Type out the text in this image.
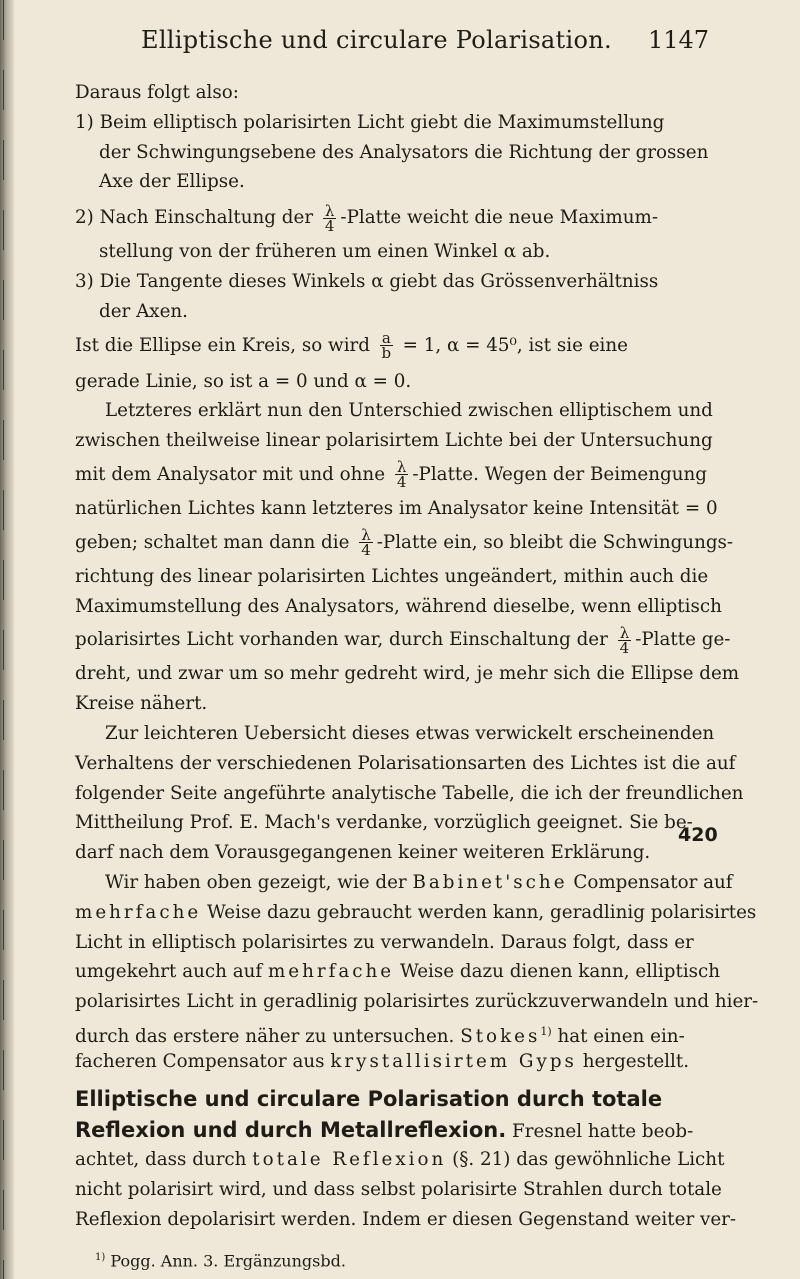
Elliptische und circulare Polarisation. 1147
Daraus folgt also:
1) Beim elliptisch polarisirten Licht giebt die Maximumstellung
der Schwingungsebene des Analysators die Richtung der grossen
Axe der Ellipse.
2) Nach Einschaltung der $\frac{\lambda}{4}$ -Platte weicht die neue Maximum-
stellung von der früheren um einen Winkel α ab.
3) Die Tangente dieses Winkels α giebt das Grössenverhältniss
der Axen.
Ist die Ellipse ein Kreis, so wird $\frac{a}{b} = 1$, α = 45⁰, ist sie eine
gerade Linie, so ist a = 0 und α = 0.
Letzteres erklärt nun den Unterschied zwischen elliptischem und
zwischen theilweise linear polarisirtem Lichte bei der Untersuchung
mit dem Analysator mit und ohne $\frac{\lambda}{4}$ -Platte. Wegen der Beimengung
natürlichen Lichtes kann letzteres im Analysator keine Intensität = 0
geben; schaltet man dann die $\frac{\lambda}{4}$ -Platte ein, so bleibt die Schwingungs-
richtung des linear polarisirten Lichtes ungeändert, mithin auch die
Maximumstellung des Analysators, während dieselbe, wenn elliptisch
polarisirtes Licht vorhanden war, durch Einschaltung der $\frac{\lambda}{4}$ -Platte ge-
dreht, und zwar um so mehr gedreht wird, je mehr sich die Ellipse dem
Kreise nähert.
Zur leichteren Uebersicht dieses etwas verwickelt erscheinenden
Verhaltens der verschiedenen Polarisationsarten des Lichtes ist die auf
folgender Seite angeführte analytische Tabelle, die ich der freundlichen
Mittheilung Prof. E. Mach's verdanke, vorzüglich geeignet. Sie be-
darf nach dem Vorausgegangenen keiner weiteren Erklärung.
Wir haben oben gezeigt, wie der Babinet'sche Compensator auf
mehrfache Weise dazu gebraucht werden kann, geradlinig polarisirtes
Licht in elliptisch polarisirtes zu verwandeln. Daraus folgt, dass er
umgekehrt auch auf mehrfache Weise dazu dienen kann, elliptisch
polarisirtes Licht in geradlinig polarisirtes zurückzuverwandeln und hier-
durch das erstere näher zu untersuchen. Stokes$^{1)}$ hat einen ein-
facheren Compensator aus krystallisirtem Gyps hergestellt.
Elliptische und circulare Polarisation durch totale
Reflexion und durch Metallreflexion. Fresnel hatte beob-
achtet, dass durch totale Reflexion (§. 21) das gewöhnliche Licht
nicht polarisirt wird, und dass selbst polarisirte Strahlen durch totale
Reflexion depolarisirt werden. Indem er diesen Gegenstand weiter ver-
$^{1)}$ Pogg. Ann. 3. Ergänzungsbd.
420
